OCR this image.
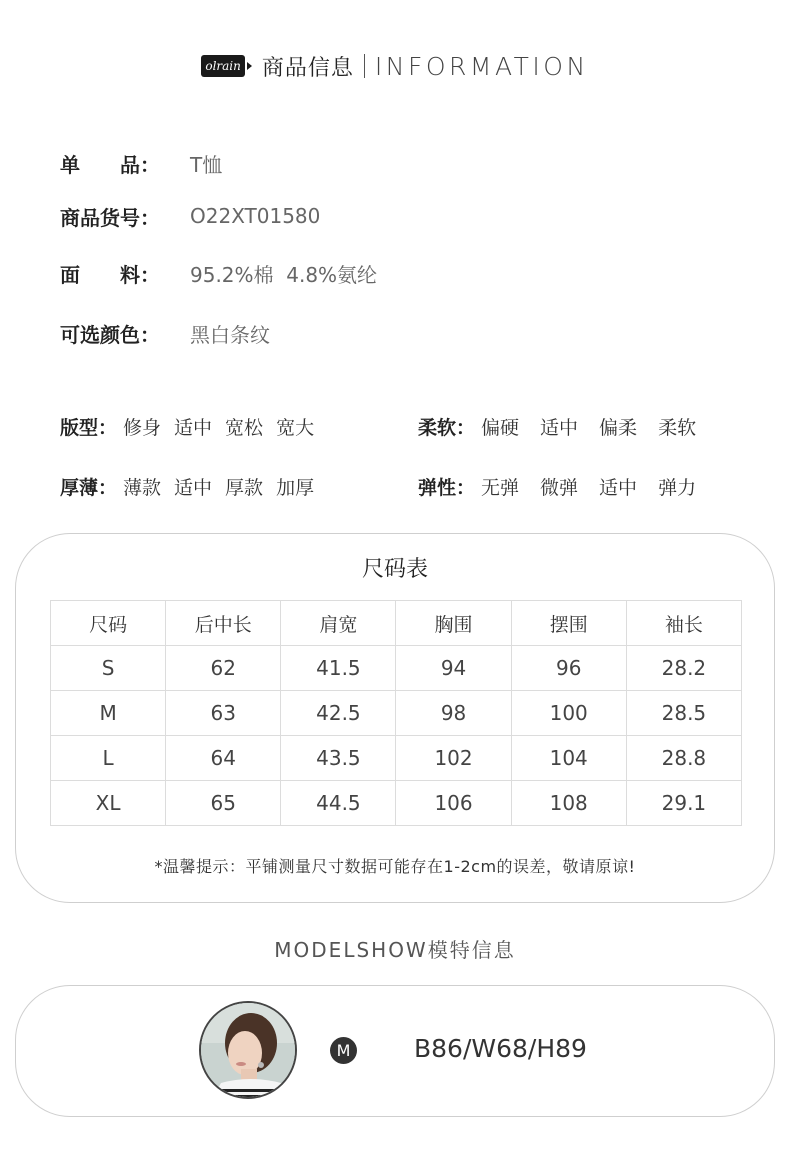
olrain 商品信息 INFORMATION
单　　品：	T恤
商品货号：	O22XT01580
面　　料：	95.2%棉  4.8%氨纶
可选颜色：	黑白条纹
版型： 修身 适中 宽松 宽大	柔软： 偏硬 适中 偏柔 柔软
厚薄： 薄款 适中 厚款 加厚	弹性： 无弹 微弹 适中 弹力
尺码表
尺码	后中长	肩宽	胸围	摆围	袖长
S	62	41.5	94	96	28.2
M	63	42.5	98	100	28.5
L	64	43.5	102	104	28.8
XL	65	44.5	106	108	29.1
*温馨提示：平铺测量尺寸数据可能存在1-2cm的误差，敬请原谅!
MODELSHOW模特信息
M	B86/W68/H89
